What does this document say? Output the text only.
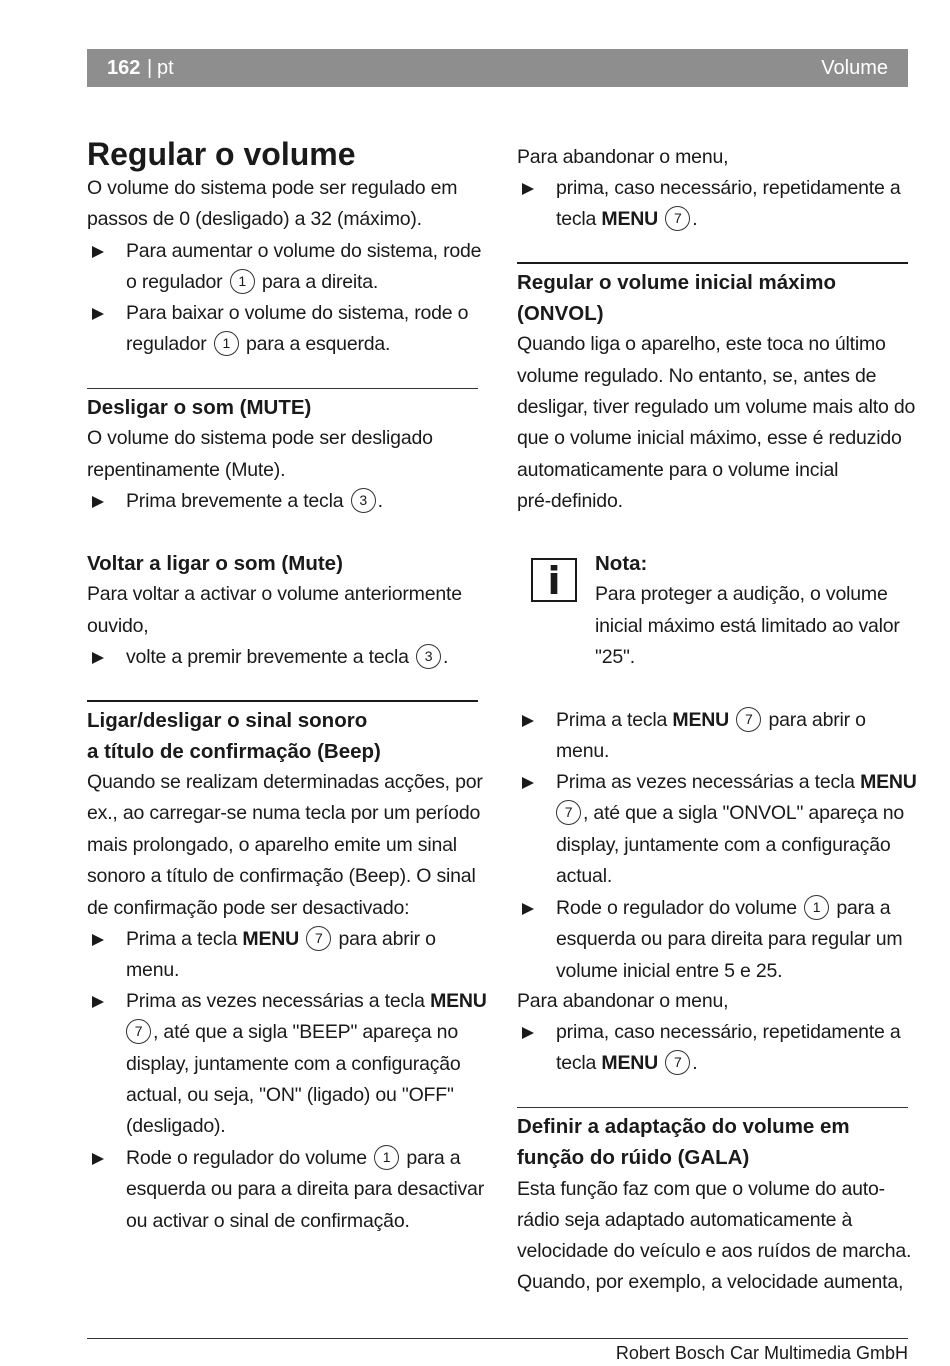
162 | pt	Volume
Regular o volume
O volume do sistema pode ser regulado em
passos de 0 (desligado) a 32 (máximo).
Para aumentar o volume do sistema, rode
o regulador 1 para a direita.
Para baixar o volume do sistema, rode o
regulador 1 para a esquerda.
Desligar o som (MUTE)
O volume do sistema pode ser desligado
repentinamente (Mute).
Prima brevemente a tecla 3 .
Voltar a ligar o som (Mute)
Para voltar a activar o volume anteriormente
ouvido,
volte a premir brevemente a tecla 3 .
Ligar/desligar o sinal sonoro
a título de confirmação (Beep)
Quando se realizam determinadas acções, por
ex., ao carregar-se numa tecla por um período
mais prolongado, o aparelho emite um sinal
sonoro a título de confirmação (Beep). O sinal
de confirmação pode ser desactivado:
Prima a tecla MENU 7 para abrir o
menu.
Prima as vezes necessárias a tecla MENU
7 , até que a sigla "BEEP" apareça no
display, juntamente com a configuração
actual, ou seja, "ON" (ligado) ou "OFF"
(desligado).
Rode o regulador do volume 1 para a
esquerda ou para a direita para desactivar
ou activar o sinal de confirmação.
Para abandonar o menu,
prima, caso necessário, repetidamente a
tecla MENU 7 .
Regular o volume inicial máximo
(ONVOL)
Quando liga o aparelho, este toca no último
volume regulado. No entanto, se, antes de
desligar, tiver regulado um volume mais alto do
que o volume inicial máximo, esse é reduzido
automaticamente para o volume incial
pré-definido.
i	Nota:
Para proteger a audição, o volume
inicial máximo está limitado ao valor
"25".
Prima a tecla MENU 7 para abrir o
menu.
Prima as vezes necessárias a tecla MENU
7 , até que a sigla "ONVOL" apareça no
display, juntamente com a configuração
actual.
Rode o regulador do volume 1 para a
esquerda ou para direita para regular um
volume inicial entre 5 e 25.
Para abandonar o menu,
prima, caso necessário, repetidamente a
tecla MENU 7 .
Definir a adaptação do volume em
função do rúido (GALA)
Esta função faz com que o volume do auto-
rádio seja adaptado automaticamente à
velocidade do veículo e aos ruídos de marcha.
Quando, por exemplo, a velocidade aumenta,
Robert Bosch Car Multimedia GmbH
